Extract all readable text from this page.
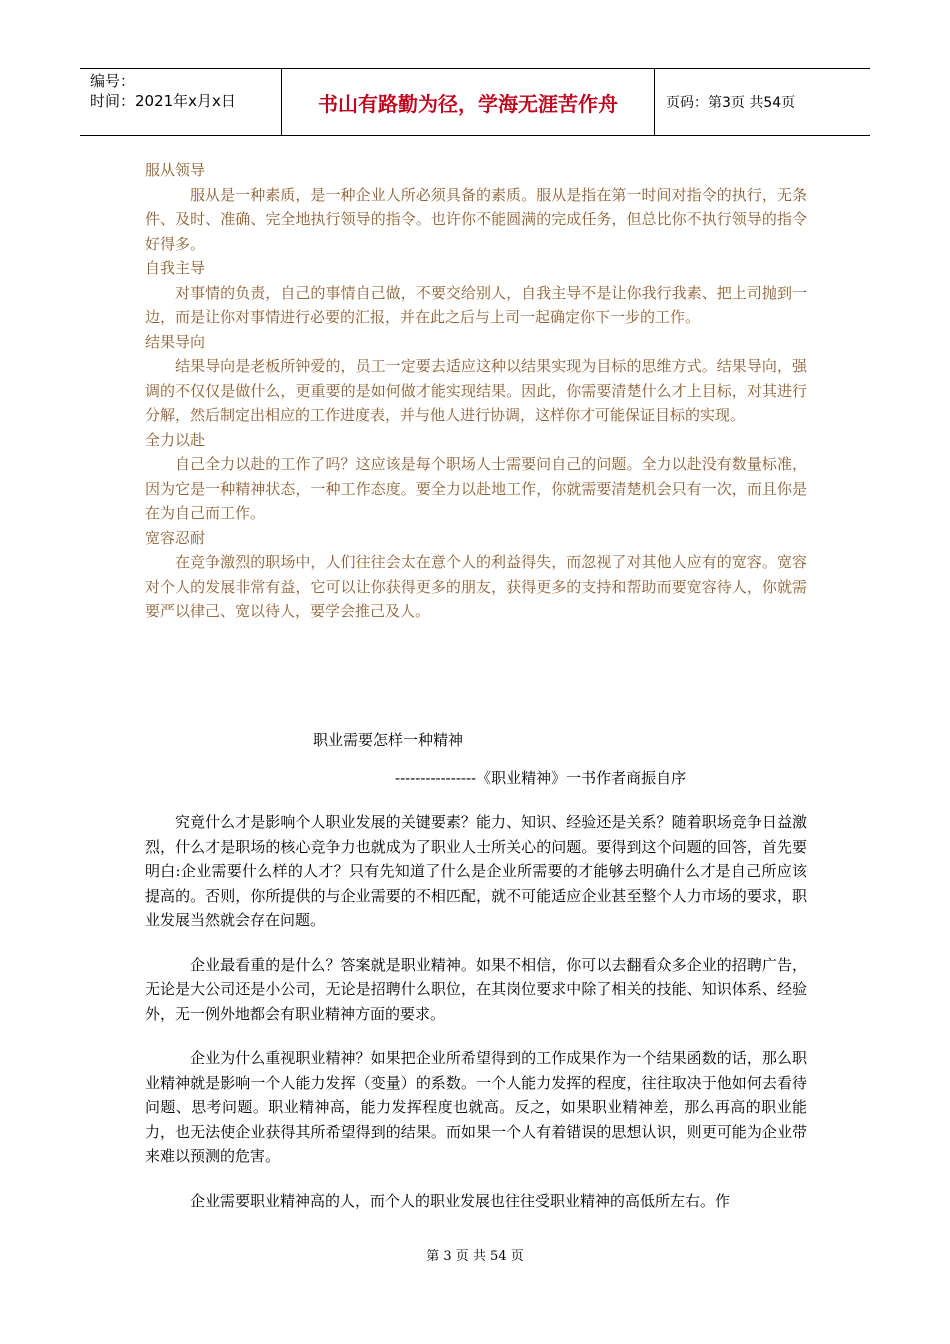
编号：
时间：2021年x月x日	书山有路勤为径，学海无涯苦作舟	页码：第3页 共54页

服从领导

服从是一种素质，是一种企业人所必须具备的素质。服从是指在第一时间对指令的执行，无条件、及时、准确、完全地执行领导的指令。也许你不能圆满的完成任务，但总比你不执行领导的指令好得多。

自我主导

对事情的负责，自己的事情自己做，不要交给别人，自我主导不是让你我行我素、把上司抛到一边，而是让你对事情进行必要的汇报，并在此之后与上司一起确定你下一步的工作。

结果导向

结果导向是老板所钟爱的，员工一定要去适应这种以结果实现为目标的思维方式。结果导向，强调的不仅仅是做什么，更重要的是如何做才能实现结果。因此，你需要清楚什么才上目标，对其进行分解，然后制定出相应的工作进度表，并与他人进行协调，这样你才可能保证目标的实现。

全力以赴

自己全力以赴的工作了吗？这应该是每个职场人士需要问自己的问题。全力以赴没有数量标准，因为它是一种精神状态，一种工作态度。要全力以赴地工作，你就需要清楚机会只有一次，而且你是在为自己而工作。

宽容忍耐

在竞争激烈的职场中，人们往往会太在意个人的利益得失，而忽视了对其他人应有的宽容。宽容对个人的发展非常有益，它可以让你获得更多的朋友，获得更多的支持和帮助而要宽容待人，你就需要严以律己、宽以待人，要学会推己及人。

职业需要怎样一种精神

----------------《职业精神》一书作者商振自序

究竟什么才是影响个人职业发展的关键要素？能力、知识、经验还是关系？随着职场竞争日益激烈，什么才是职场的核心竞争力也就成为了职业人士所关心的问题。要得到这个问题的回答，首先要明白:企业需要什么样的人才？只有先知道了什么是企业所需要的才能够去明确什么才是自己所应该提高的。否则，你所提供的与企业需要的不相匹配，就不可能适应企业甚至整个人力市场的要求，职业发展当然就会存在问题。

企业最看重的是什么？答案就是职业精神。如果不相信，你可以去翻看众多企业的招聘广告，无论是大公司还是小公司，无论是招聘什么职位，在其岗位要求中除了相关的技能、知识体系、经验外，无一例外地都会有职业精神方面的要求。

企业为什么重视职业精神？如果把企业所希望得到的工作成果作为一个结果函数的话，那么职业精神就是影响一个人能力发挥（变量）的系数。一个人能力发挥的程度，往往取决于他如何去看待问题、思考问题。职业精神高，能力发挥程度也就高。反之，如果职业精神差，那么再高的职业能力，也无法使企业获得其所希望得到的结果。而如果一个人有着错误的思想认识，则更可能为企业带来难以预测的危害。

企业需要职业精神高的人，而个人的职业发展也往往受职业精神的高低所左右。作

第 3 页 共 54 页
